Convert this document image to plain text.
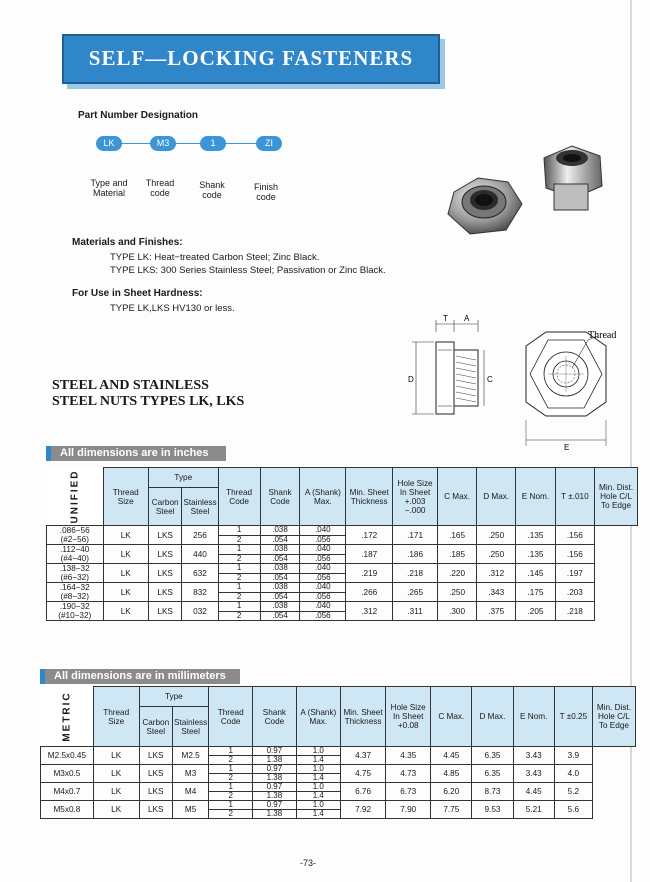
SELF—LOCKING FASTENERS
Part Number Designation
LK	M3	1	ZI
Type and
Material
Thread
code
Shank
code
Finish
code
Materials and Finishes:
TYPE LK: Heat−treated Carbon Steel; Zinc Black.
TYPE LKS: 300 Series Stainless Steel; Passivation or Zinc Black.
For Use in Sheet Hardness:
TYPE LK,LKS HV130 or less.
STEEL AND STAINLESS
STEEL NUTS TYPES LK, LKS
T A
D	C
Thread
E
All dimensions are in inches
UNIFIED	Thread Size	Type		Thread Code	Shank Code	A (Shank) Max.	Min. Sheet Thickness	Hole Size In Sheet +.003 −.000	C Max.	D Max.	E Nom.	T ±.010	Min. Dist. Hole C/L To Edge
		Carbon Steel	Stainless Steel										
.086−56 (#2−56)	LK	LKS	256	1	.038	.040	.172	.171	.165	.250	.135	.156	
				2	.054	.056							
.112−40 (#4−40)	LK	LKS	440	1	.038	.040	.187	.186	.185	.250	.135	.156	
				2	.054	.056							
.138−32 (#6−32)	LK	LKS	632	1	.038	.040	.219	.218	.220	.312	.145	.197	
				2	.054	.056							
.164−32 (#8−32)	LK	LKS	832	1	.038	.040	.266	.265	.250	.343	.175	.203	
				2	.054	.056							
.190−32 (#10−32)	LK	LKS	032	1	.038	.040	.312	.311	.300	.375	.205	.218	
				2	.054	.056							
All dimensions are in millimeters
METRIC	Thread Size	Type		Thread Code	Shank Code	A (Shank) Max.	Min. Sheet Thickness	Hole Size In Sheet +0.08	C Max.	D Max.	E Nom.	T ±0.25	Min. Dist. Hole C/L To Edge
		Carbon Steel	Stainless Steel										
M2.5x0.45	LK	LKS	M2.5	1	0.97	1.0	4.37	4.35	4.45	6.35	3.43	3.9	
				2	1.38	1.4							
M3x0.5	LK	LKS	M3	1	0.97	1.0	4.75	4.73	4.85	6.35	3.43	4.0	
				2	1.38	1.4							
M4x0.7	LK	LKS	M4	1	0.97	1.0	6.76	6.73	6.20	8.73	4.45	5.2	
				2	1.38	1.4							
M5x0.8	LK	LKS	M5	1	0.97	1.0	7.92	7.90	7.75	9.53	5.21	5.6	
				2	1.38	1.4							
-73-
